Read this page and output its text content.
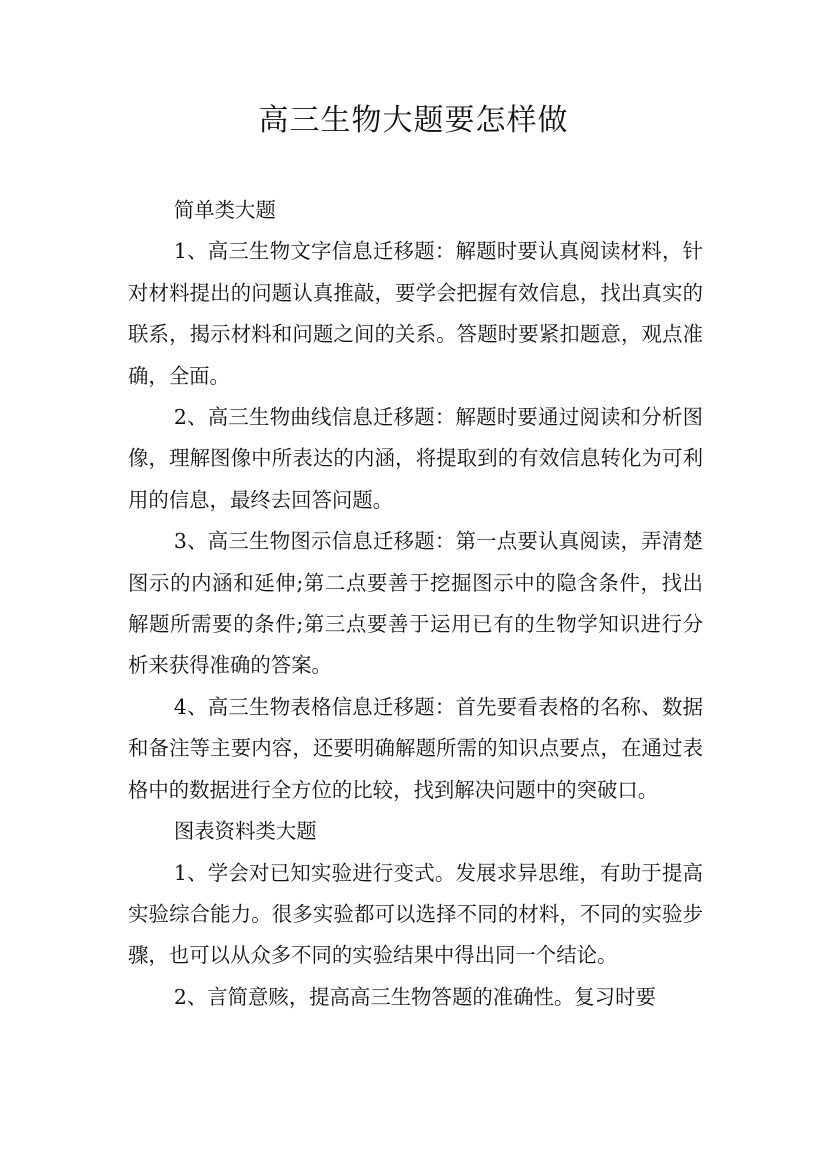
高三生物大题要怎样做

简单类大题

1、高三生物文字信息迁移题：解题时要认真阅读材料，针对材料提出的问题认真推敲，要学会把握有效信息，找出真实的联系，揭示材料和问题之间的关系。答题时要紧扣题意，观点准确，全面。

2、高三生物曲线信息迁移题：解题时要通过阅读和分析图像，理解图像中所表达的内涵，将提取到的有效信息转化为可利用的信息，最终去回答问题。

3、高三生物图示信息迁移题：第一点要认真阅读，弄清楚图示的内涵和延伸;第二点要善于挖掘图示中的隐含条件，找出解题所需要的条件;第三点要善于运用已有的生物学知识进行分析来获得准确的答案。

4、高三生物表格信息迁移题：首先要看表格的名称、数据和备注等主要内容，还要明确解题所需的知识点要点，在通过表格中的数据进行全方位的比较，找到解决问题中的突破口。

图表资料类大题

1、学会对已知实验进行变式。发展求异思维，有助于提高实验综合能力。很多实验都可以选择不同的材料，不同的实验步骤，也可以从众多不同的实验结果中得出同一个结论。

2、言简意赅，提高高三生物答题的准确性。复习时要
